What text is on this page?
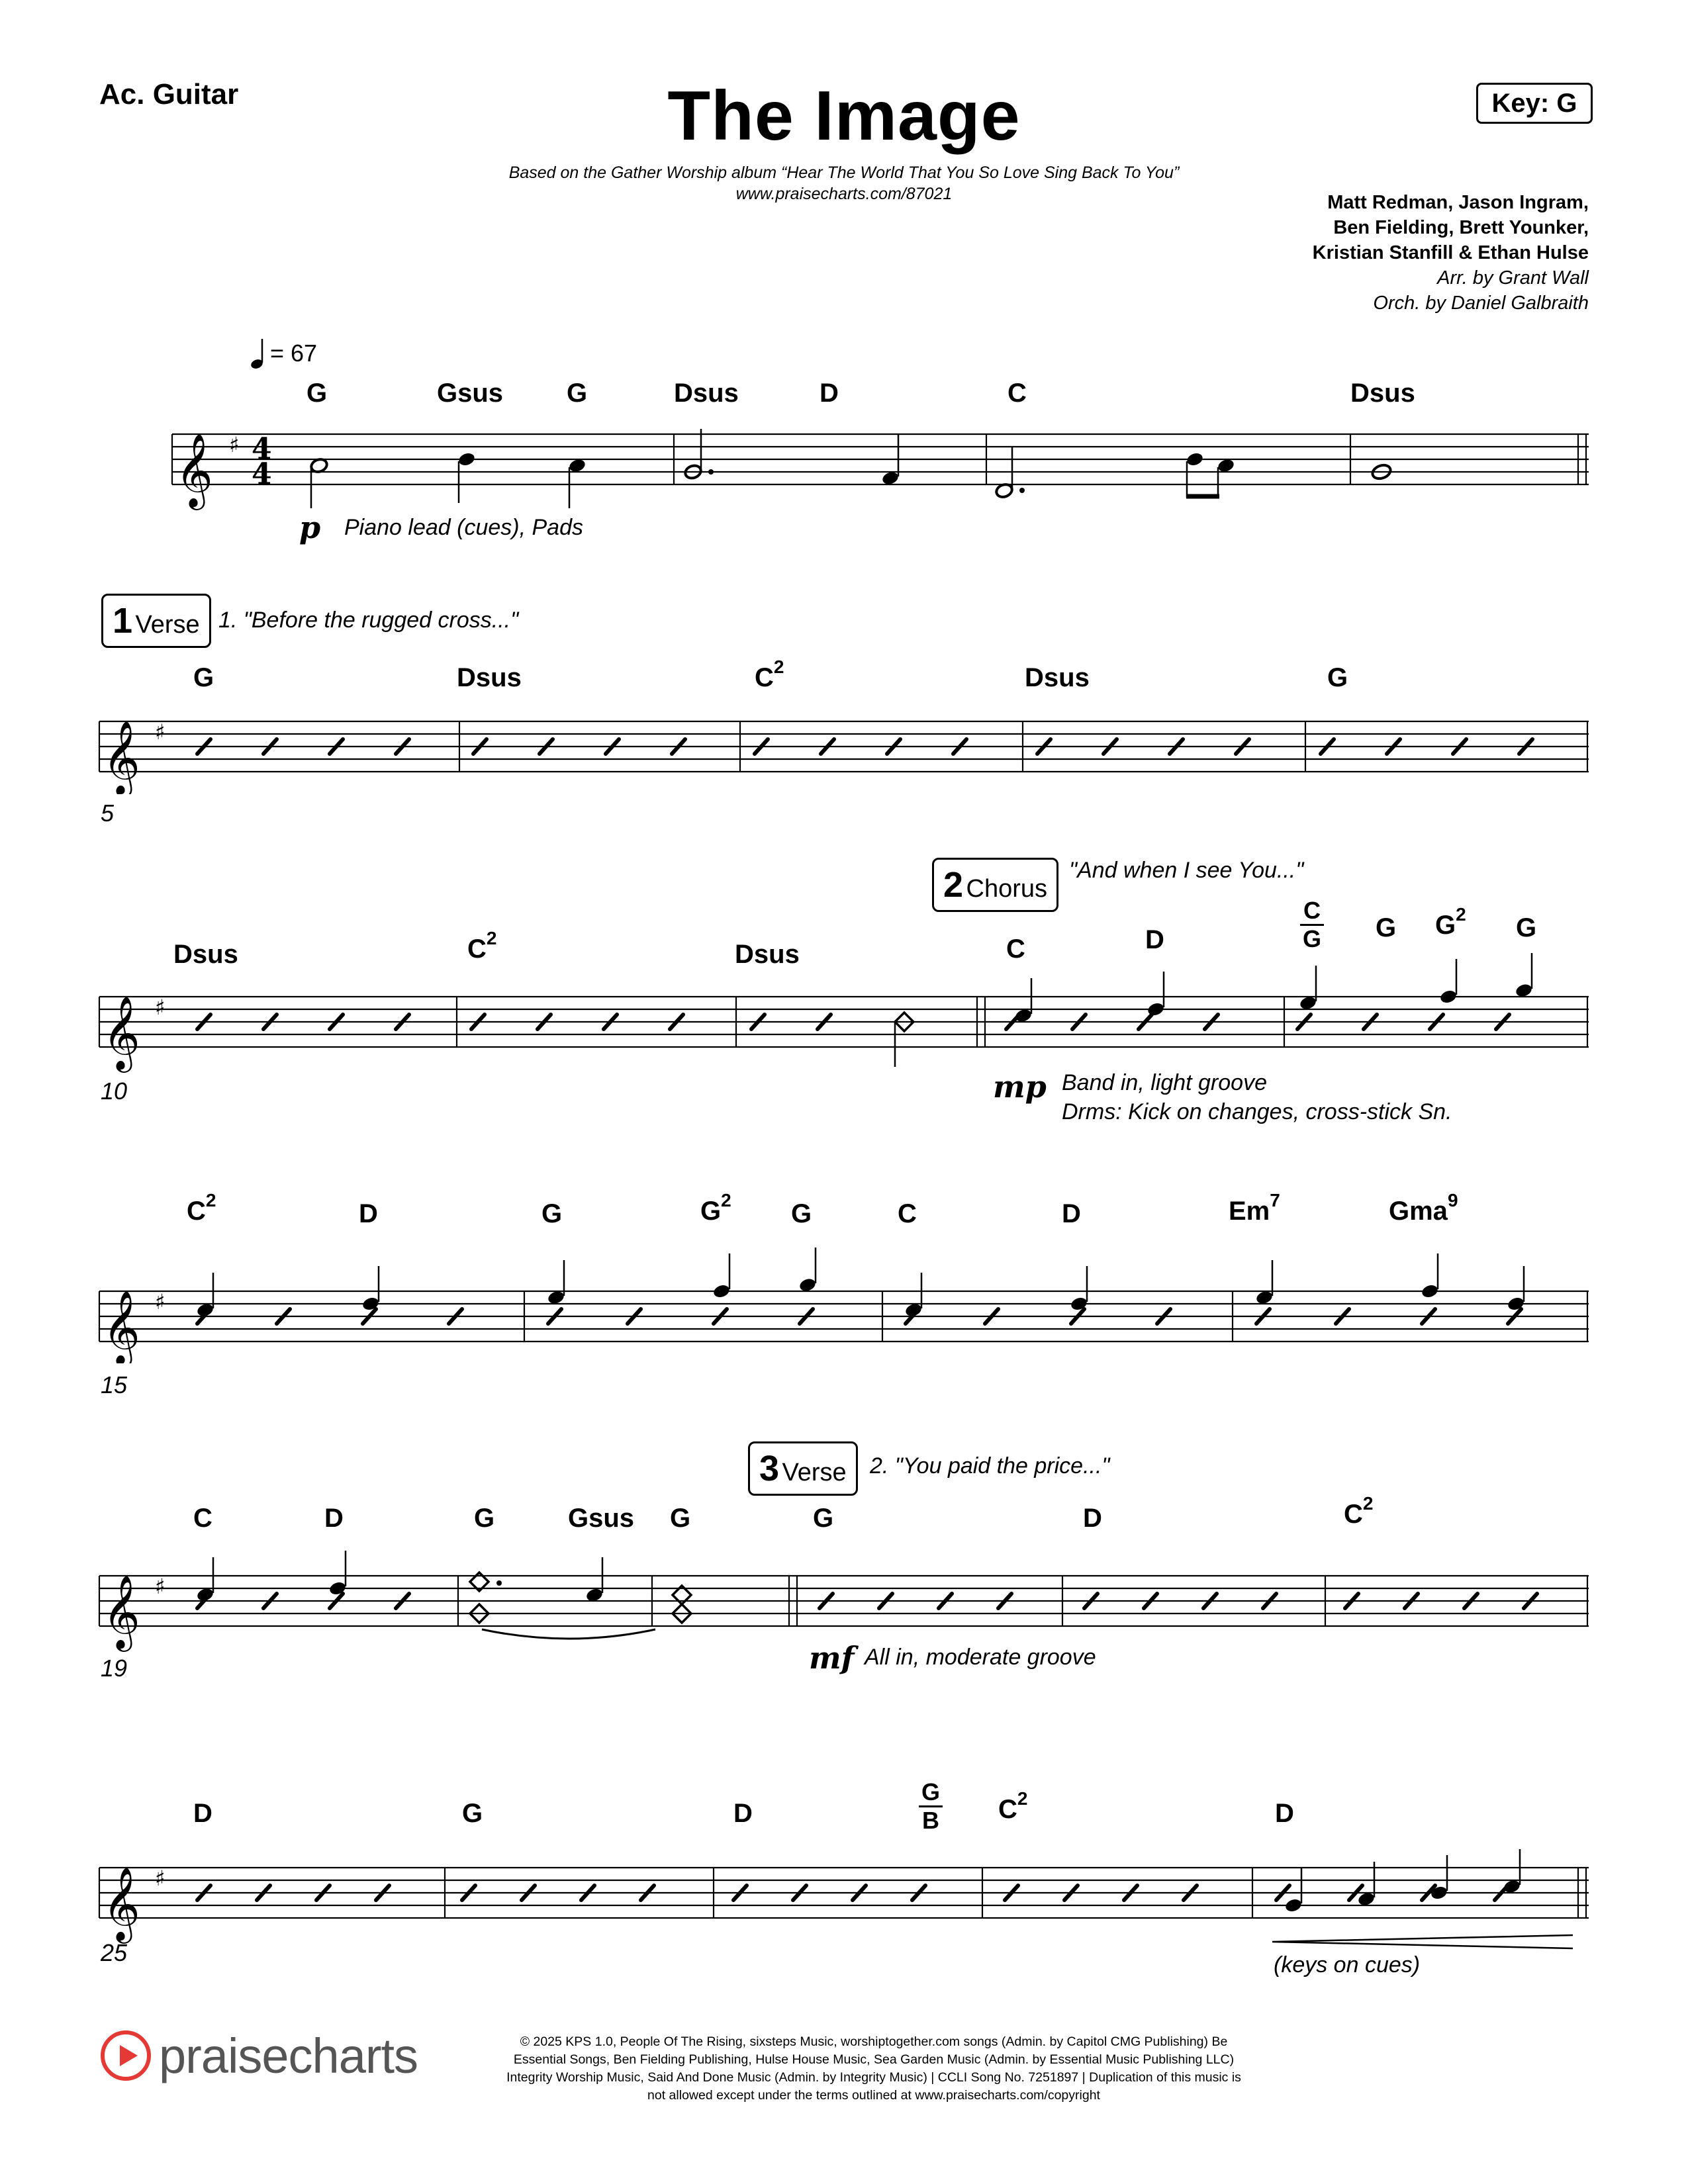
Ac. Guitar	The Image	Key: G
Based on the Gather Worship album “Hear The World That You So Love Sing Back To You”
www.praisecharts.com/87021	Matt Redman, Jason Ingram,
Ben Fielding, Brett Younker,
Kristian Stanfill & Ethan Hulse
Arr. by Grant Wall
Orch. by Daniel Galbraith
= 67
G	Gsus G	Dsus	D	C	Dsus
𝄞 ♯ 4
4
p Piano lead (cues), Pads
1 Verse 1. "Before the rugged cross..."
G	Dsus	$C^2$	Dsus	G
𝄞 ♯
5
2 Chorus
"And when I see You..."
Dsus	$C^2$
Dsus	C	D
C
G G $G^2$ G
𝄞 ♯
10	mp Band in, light groove
Drms: Kick on changes, cross-stick Sn.
$C^2$	D	G	$G^2$ G	C	D	Em$^7$	Gma$^9$
𝄞 ♯
15
3 Verse	2. "You paid the price..."
C	D	G	Gsus G	G	D	$C^2$
𝄞 ♯
19	mf All in, moderate groove
D	G	D
G
B $C^2$
D
𝄞 ♯
25	(keys on cues)
praisecharts	© 2025 KPS 1.0, People Of The Rising, sixsteps Music, worshiptogether.com songs (Admin. by Capitol CMG Publishing) Be
Essential Songs, Ben Fielding Publishing, Hulse House Music, Sea Garden Music (Admin. by Essential Music Publishing LLC)
Integrity Worship Music, Said And Done Music (Admin. by Integrity Music) | CCLI Song No. 7251897 | Duplication of this music is
not allowed except under the terms outlined at www.praisecharts.com/copyright
